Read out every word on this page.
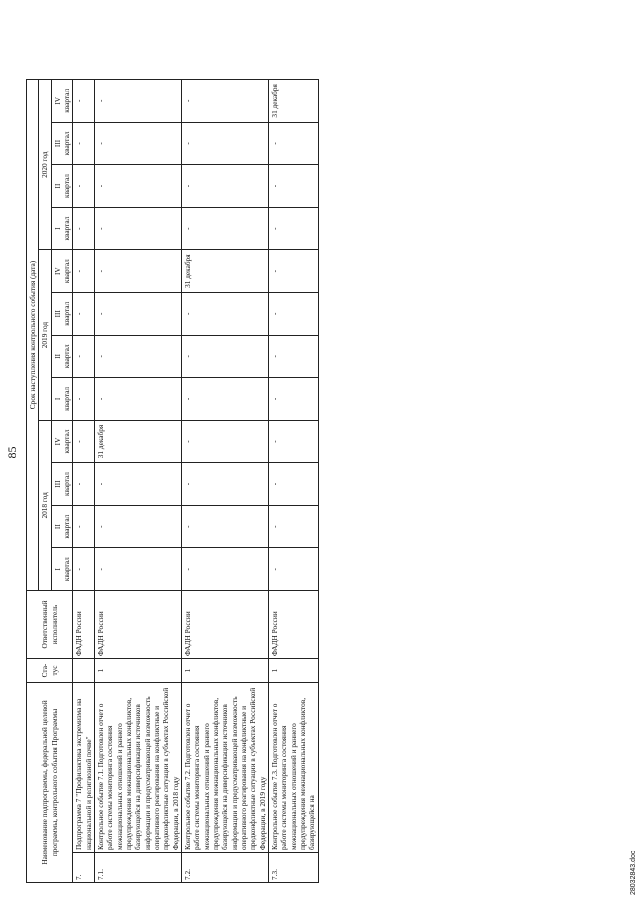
85
Наименование подпрограммы, федеральной целевой программы, контрольного события Программы		Ста-тус	Ответственный исполнитель	Срок наступления контрольного события (дата)											
				2018 год				2019 год				2020 год			

				I квартал	II квартал	III квартал	IV квартал	I квартал	II квартал	III квартал	IV квартал	I квартал	II квартал	III квартал	IV квартал

7.	Подпрограмма 7 "Профилактика экстремизма на национальной и религиозной почве"		ФАДН России	-	-	-	-	-	-	-	-	-	-	-	-
7.1.	Контрольное событие 7.1. Подготовлен отчет о работе системы мониторинга состояния межнациональных отношений и раннего предупреждения межнациональных конфликтов, базирующейся на диверсификации источников информации и предусматривающей возможность оперативного реагирования на конфликтные и предконфликтные ситуации в субъектах Российской Федерации, в 2018 году	1	ФАДН России	-	-	-	31 декабря	-	-	-	-	-	-	-	-
7.2.	Контрольное событие 7.2. Подготовлен отчет о работе системы мониторинга состояния межнациональных отношений и раннего предупреждения межнациональных конфликтов, базирующейся на диверсификации источников информации и предусматривающей возможность оперативного реагирования на конфликтные и предконфликтные ситуации в субъектах Российской Федерации, в 2019 году	1	ФАДН России	-	-	-	-	-	-	-	31 декабря	-	-	-	-
7.3.	Контрольное событие 7.3. Подготовлен отчет о работе системы мониторинга состояния межнациональных отношений и раннего предупреждения межнациональных конфликтов, базирующейся на	1	ФАДН России	-	-	-	-	-	-	-	-	-	-	-	31 декабря
28032843.doc
